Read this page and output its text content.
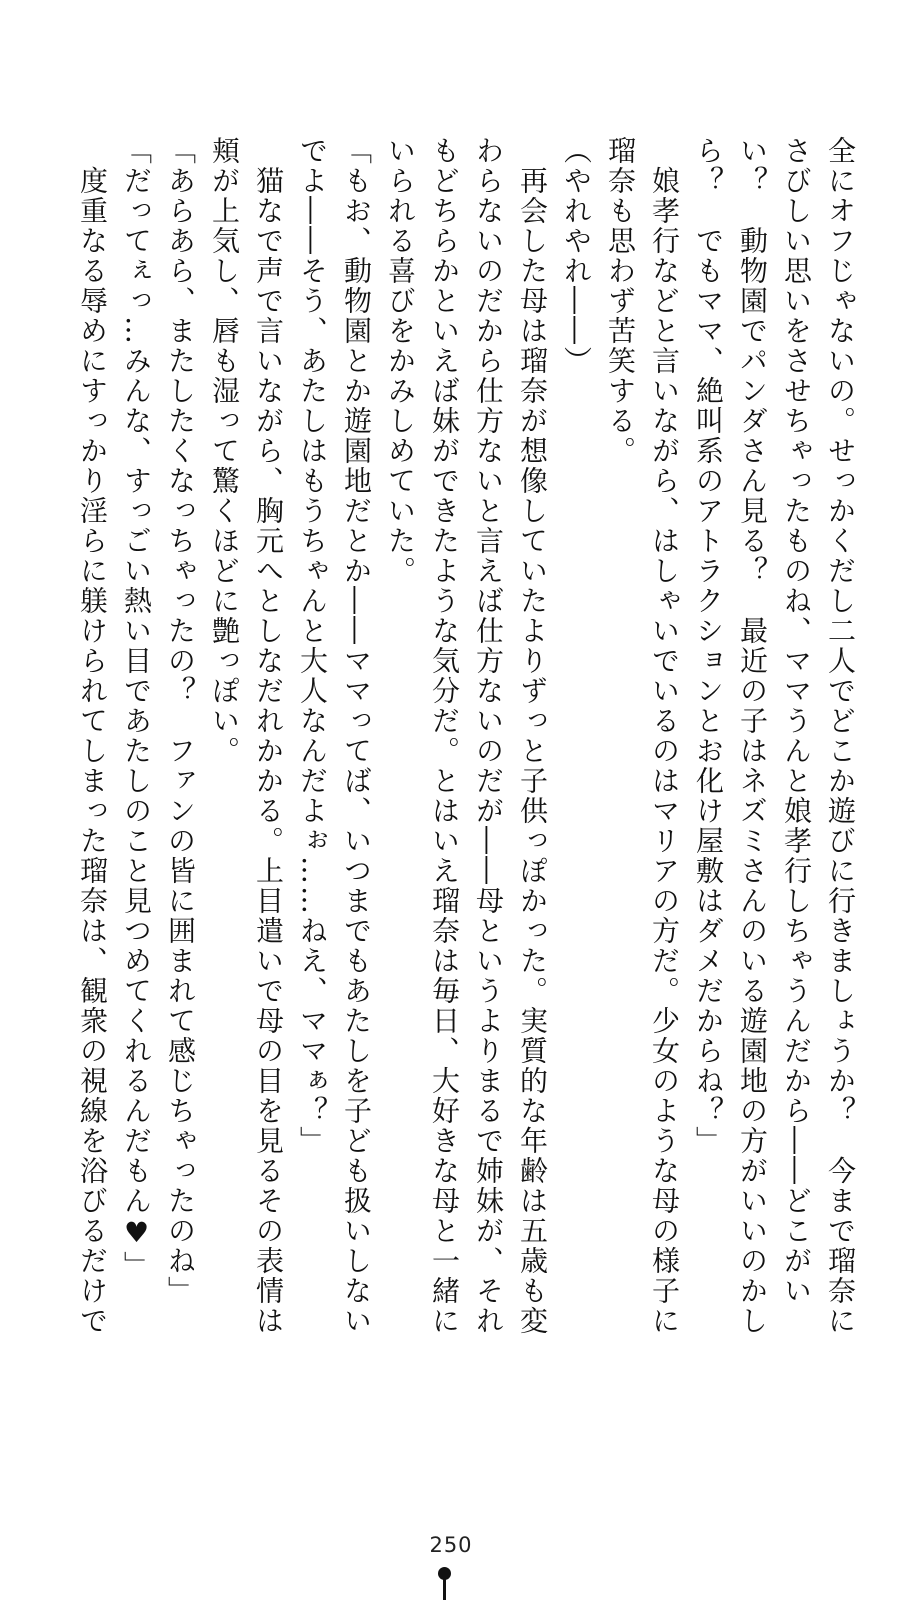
全にオフじゃないの。せっかくだし二人でどこか遊びに行きましょうか？　今まで瑠奈に
さびしい思いをさせちゃったものね、ママうんと娘孝行しちゃうんだから――どこがい
い？　動物園でパンダさん見る？　最近の子はネズミさんのいる遊園地の方がいいのかし
ら？　でもママ、絶叫系のアトラクションとお化け屋敷はダメだからね？」
　娘孝行などと言いながら、はしゃいでいるのはマリアの方だ。少女のような母の様子に
瑠奈も思わず苦笑する。
（やれやれ――）
　再会した母は瑠奈が想像していたよりずっと子供っぽかった。実質的な年齢は五歳も変
わらないのだから仕方ないと言えば仕方ないのだが――母というよりまるで姉妹が、それ
もどちらかといえば妹ができたような気分だ。とはいえ瑠奈は毎日、大好きな母と一緒に
いられる喜びをかみしめていた。
「もお、動物園とか遊園地だとか――ママってば、いつまでもあたしを子ども扱いしない
でよ――そう、あたしはもうちゃんと大人なんだよぉ……ねえ、ママぁ？」
　猫なで声で言いながら、胸元へとしなだれかかる。上目遣いで母の目を見るその表情は
頬が上気し、唇も湿って驚くほどに艶っぽい。
「あらあら、またしたくなっちゃったの？　ファンの皆に囲まれて感じちゃったのね」
「だってぇっ…みんな、すっごい熱い目であたしのこと見つめてくれるんだもん♥」
　度重なる辱めにすっかり淫らに躾けられてしまった瑠奈は、観衆の視線を浴びるだけで
250
